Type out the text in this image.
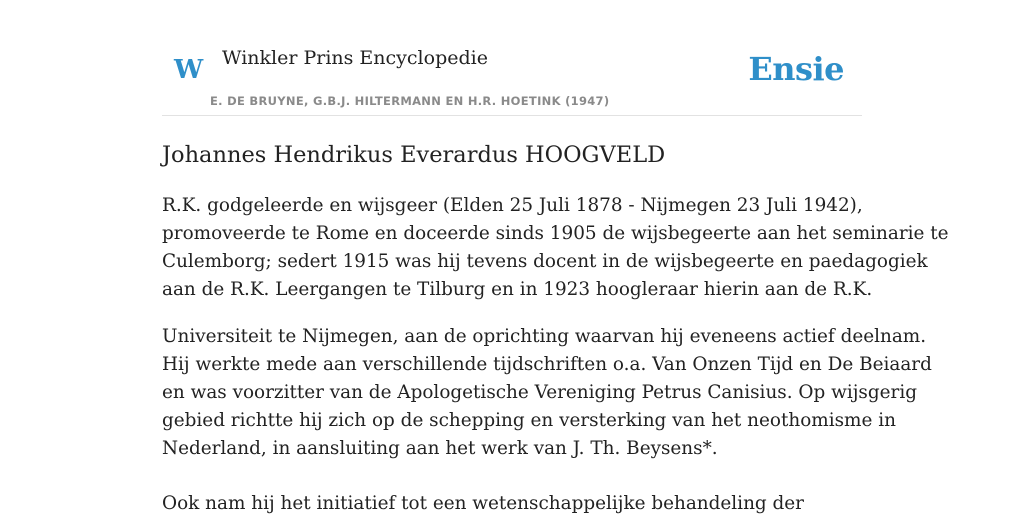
W Winkler Prins Encyclopedie
E. DE BRUYNE, G.B.J. HILTERMANN EN H.R. HOETINK (1947)
Ensie
Johannes Hendrikus Everardus HOOGVELD

R.K. godgeleerde en wijsgeer (Elden 25 Juli 1878 - Nijmegen 23 Juli 1942),
promoveerde te Rome en doceerde sinds 1905 de wijsbegeerte aan het seminarie te
Culemborg; sedert 1915 was hij tevens docent in de wijsbegeerte en paedagogiek
aan de R.K. Leergangen te Tilburg en in 1923 hoogleraar hierin aan de R.K.

Universiteit te Nijmegen, aan de oprichting waarvan hij eveneens actief deelnam.
Hij werkte mede aan verschillende tijdschriften o.a. Van Onzen Tijd en De Beiaard
en was voorzitter van de Apologetische Vereniging Petrus Canisius. Op wijsgerig
gebied richtte hij zich op de schepping en versterking van het neothomisme in
Nederland, in aansluiting aan het werk van J. Th. Beysens*.

Ook nam hij het initiatief tot een wetenschappelijke behandeling der
